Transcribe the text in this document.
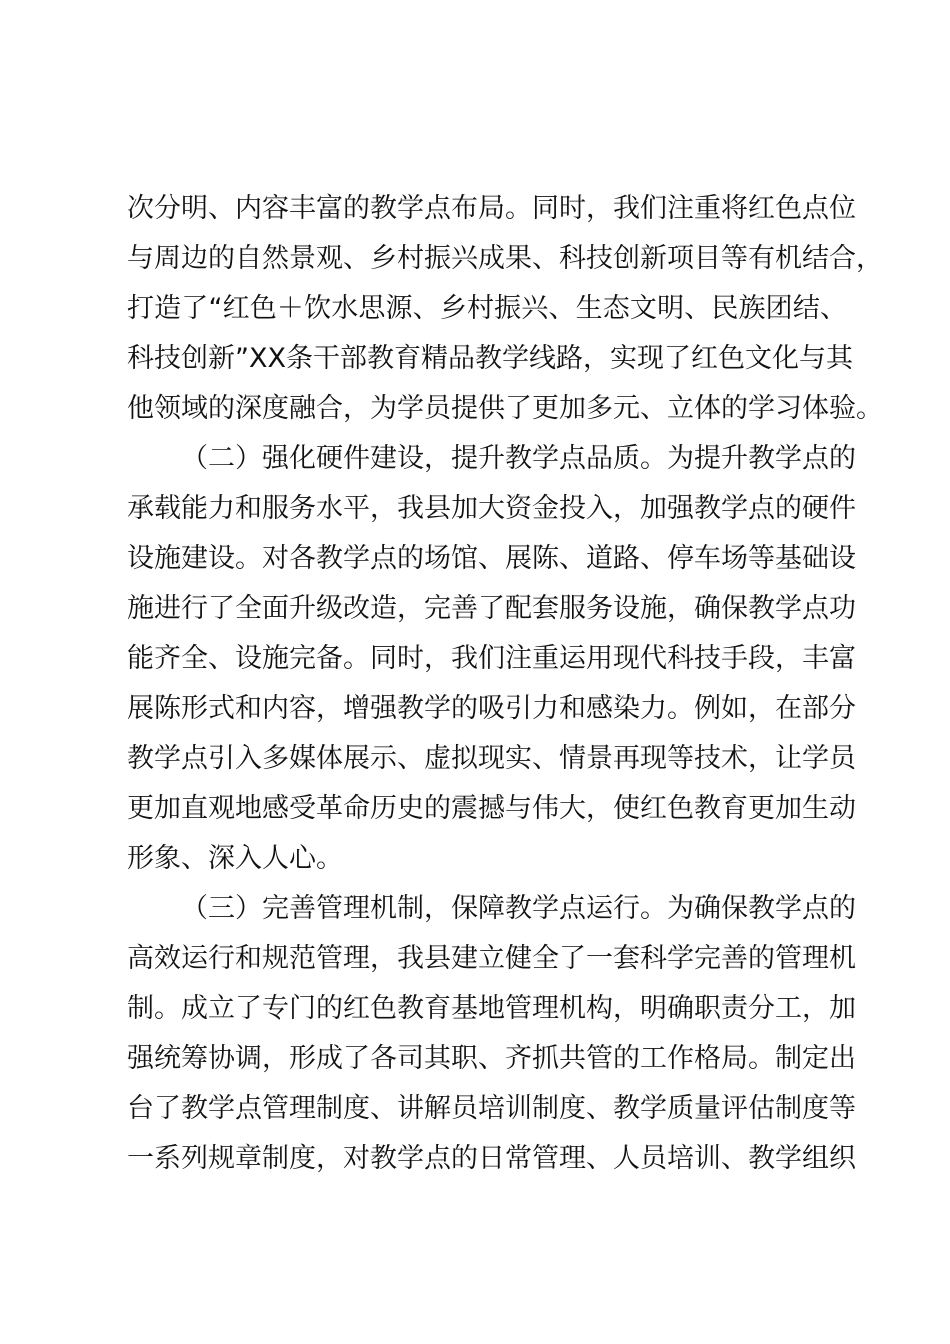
次分明、内容丰富的教学点布局。同时，我们注重将红色点位
与周边的自然景观、乡村振兴成果、科技创新项目等有机结合，
打造了“红色＋饮水思源、乡村振兴、生态文明、民族团结、
科技创新”XX条干部教育精品教学线路，实现了红色文化与其
他领域的深度融合，为学员提供了更加多元、立体的学习体验。
（二）强化硬件建设，提升教学点品质。为提升教学点的
承载能力和服务水平，我县加大资金投入，加强教学点的硬件
设施建设。对各教学点的场馆、展陈、道路、停车场等基础设
施进行了全面升级改造，完善了配套服务设施，确保教学点功
能齐全、设施完备。同时，我们注重运用现代科技手段，丰富
展陈形式和内容，增强教学的吸引力和感染力。例如，在部分
教学点引入多媒体展示、虚拟现实、情景再现等技术，让学员
更加直观地感受革命历史的震撼与伟大，使红色教育更加生动
形象、深入人心。
（三）完善管理机制，保障教学点运行。为确保教学点的
高效运行和规范管理，我县建立健全了一套科学完善的管理机
制。成立了专门的红色教育基地管理机构，明确职责分工，加
强统筹协调，形成了各司其职、齐抓共管的工作格局。制定出
台了教学点管理制度、讲解员培训制度、教学质量评估制度等
一系列规章制度，对教学点的日常管理、人员培训、教学组织
